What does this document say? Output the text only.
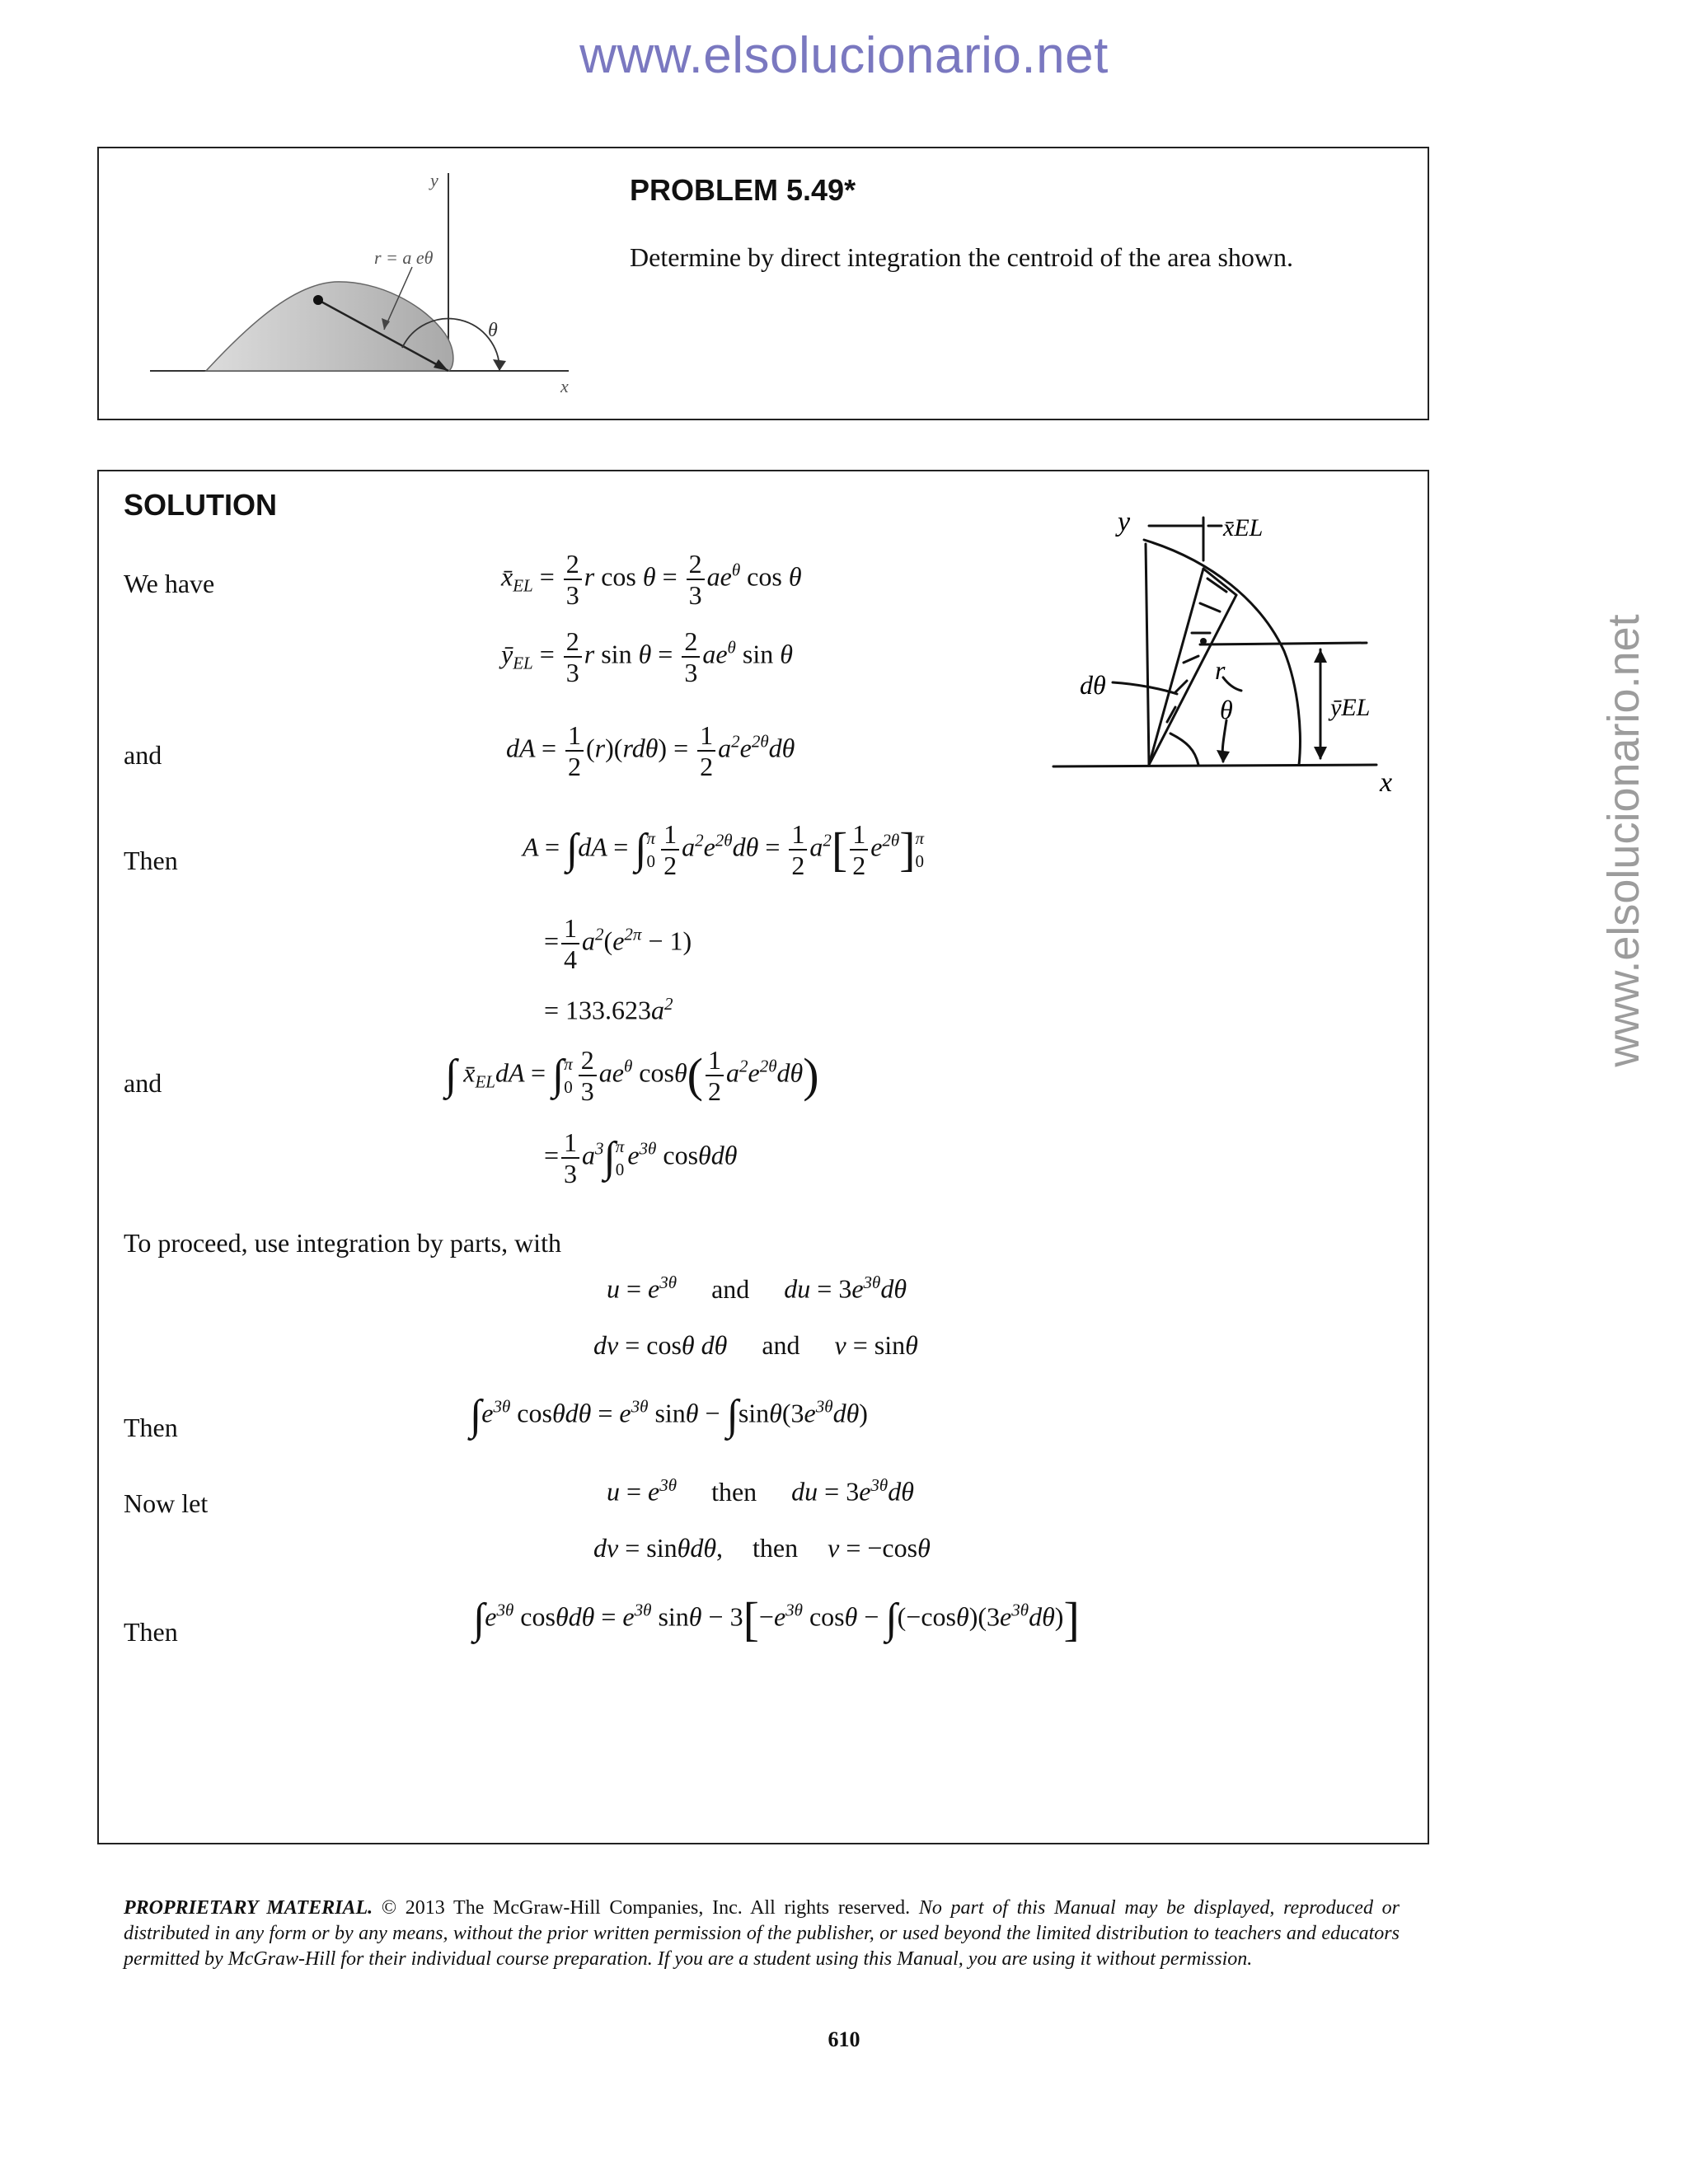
www.elsolucionario.net
www.elsolucionario.net
y
x
r = a eθ
θ
PROBLEM 5.49*
Determine by direct integration the centroid of the area shown.
SOLUTION
y
x
x̄EL
ȳEL
r
dθ
θ
We have
and
Then
and
To proceed, use integration by parts, with
Then
Now let
Then
$x̄_{EL} = \frac{2}{3}$ r $\cos \theta = \frac{2}{3} ae^\theta$ cos θ
$ȳ_{EL} = \frac{2}{3}$ r $\sin \theta = \frac{2}{3} ae^\theta$ sin θ
dA = $\frac{1}{2} (r)(rd\theta) = \frac{1}{2} a^2e^{2\theta}d\theta$
A = ∫dA = ∫ π
$0 \frac{1}{2} a^2e^{2\theta}d\theta = \frac{1}{2} a^2[ \frac{1}{2} e^{2\theta}]$ π
0
= $\frac{1}{4} a^2(e^{2\pi} - 1)$
= $133.623a^2$
∫ $x̄_{EL}dA$ = ∫ π
$0 \frac{2}{3} ae^\theta$ $\cos\theta( \frac{1}{2} a^2e^{2\theta}d\theta)$
= $\frac{1}{3} a^3\int$ π
0 $e^{3\theta}$ cosθdθ
$u = e^{3\theta}$ and du = $3e^{3\theta}d\theta$
dv = cosθ dθ and v = sinθ
$\int e^{3\theta}$ $\cos\theta d\theta = e^{3\theta}$ $\sin\theta - \int\sin\theta(3e^{3\theta}d\theta)$
$u = e^{3\theta}$ then du = $3e^{3\theta}d\theta$
dv = sinθdθ, then v = −cosθ
$\int e^{3\theta}$ $\cos\theta d\theta = e^{3\theta}$ $\sin\theta - 3[-e^{3\theta}$ $\cos\theta - \int(-\cos\theta)(3e^{3\theta}d\theta)$]
PROPRIETARY MATERIAL. © 2013 The McGraw-Hill Companies, Inc. All rights reserved. No part of this Manual may be displayed, reproduced or distributed in any form or by any means, without the prior written permission of the publisher, or used beyond the limited distribution to teachers and educators permitted by McGraw-Hill for their individual course preparation. If you are a student using this Manual, you are using it without permission.
610
